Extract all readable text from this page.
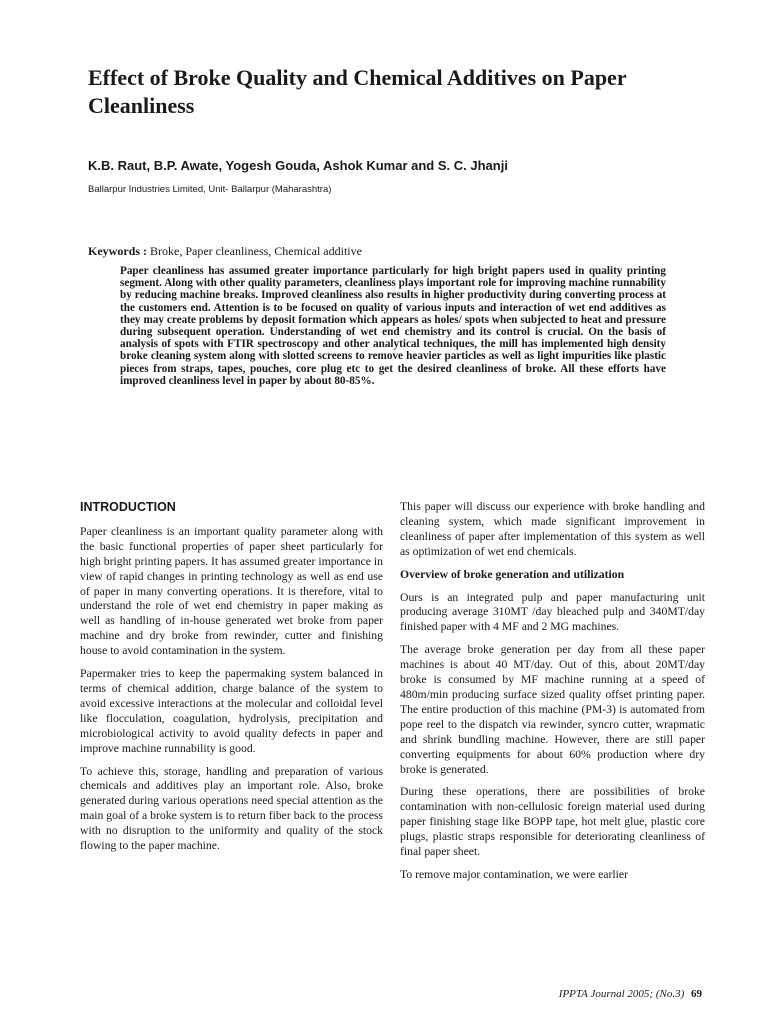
Effect of Broke Quality and Chemical Additives on Paper Cleanliness

K.B. Raut, B.P. Awate, Yogesh Gouda, Ashok Kumar and S. C. Jhanji

Ballarpur Industries Limited, Unit- Ballarpur (Maharashtra)

Keywords : Broke, Paper cleanliness, Chemical additive

Paper cleanliness has assumed greater importance particularly for high bright papers used in quality printing segment. Along with other quality parameters, cleanliness plays important role for improving machine runnability by reducing machine breaks. Improved cleanliness also results in higher productivity during converting process at the customers end. Attention is to be focused on quality of various inputs and interaction of wet end additives as they may create problems by deposit formation which appears as holes/ spots when subjected to heat and pressure during subsequent operation. Understanding of wet end chemistry and its control is crucial. On the basis of analysis of spots with FTIR spectroscopy and other analytical techniques, the mill has implemented high density broke cleaning system along with slotted screens to remove heavier particles as well as light impurities like plastic pieces from straps, tapes, pouches, core plug etc to get the desired cleanliness of broke. All these efforts have improved cleanliness level in paper by about 80-85%.

INTRODUCTION

Paper cleanliness is an important quality parameter along with the basic functional properties of paper sheet particularly for high bright printing papers. It has assumed greater importance in view of rapid changes in printing technology as well as end use of paper in many converting operations. It is therefore, vital to understand the role of wet end chemistry in paper making as well as handling of in-house generated wet broke from paper machine and dry broke from rewinder, cutter and finishing house to avoid contamination in the system.

Papermaker tries to keep the papermaking system balanced in terms of chemical addition, charge balance of the system to avoid excessive interactions at the molecular and colloidal level like flocculation, coagulation, hydrolysis, precipitation and microbiological activity to avoid quality defects in paper and improve machine runnability is good.

To achieve this, storage, handling and preparation of various chemicals and additives play an important role. Also, broke generated during various operations need special attention as the main goal of a broke system is to return fiber back to the process with no disruption to the uniformity and quality of the stock flowing to the paper machine.

This paper will discuss our experience with broke handling and cleaning system, which made significant improvement in cleanliness of paper after implementation of this system as well as optimization of wet end chemicals.

Overview of broke generation and utilization

Ours is an integrated pulp and paper manufacturing unit producing average 310MT /day bleached pulp and 340MT/day finished paper with 4 MF and 2 MG machines.

The average broke generation per day from all these paper machines is about 40 MT/day. Out of this, about 20MT/day broke is consumed by MF machine running at a speed of 480m/min producing surface sized quality offset printing paper. The entire production of this machine (PM-3) is automated from pope reel to the dispatch via rewinder, syncro cutter, wrapmatic and shrink bundling machine. However, there are still paper converting equipments for about 60% production where dry broke is generated.

During these operations, there are possibilities of broke contamination with non-cellulosic foreign material used during paper finishing stage like BOPP tape, hot melt glue, plastic core plugs, plastic straps responsible for deteriorating cleanliness of final paper sheet.

To remove major contamination, we were earlier

IPPTA Journal 2005; (No.3) 69
